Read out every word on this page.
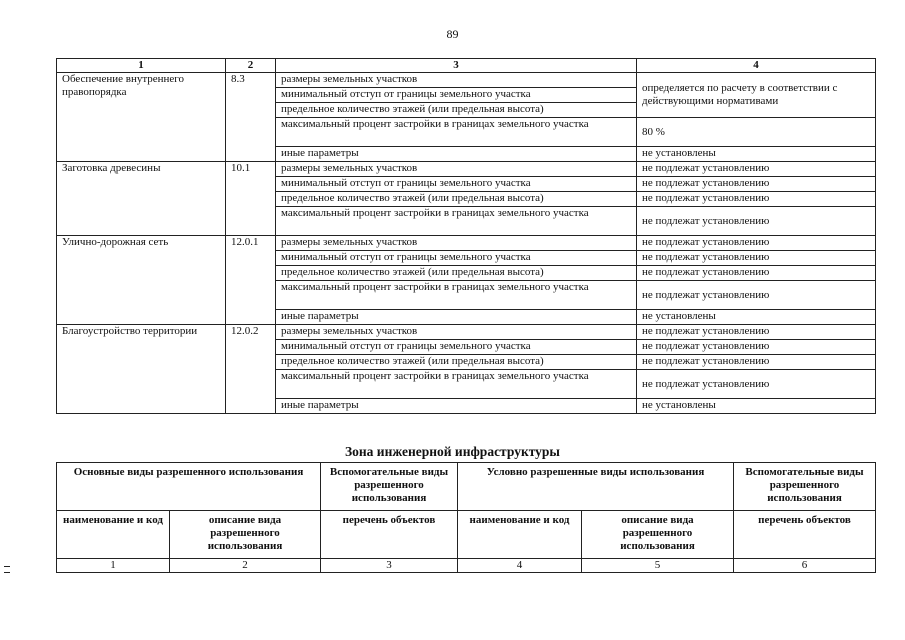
89
1	2	3	4
Обеспечение внутреннего правопорядка	8.3	размеры земельных участков	определяется по расчету в соответствии с действующими нормативами
		минимальный отступ от границы земельного участка	
		предельное количество этажей (или предельная высота)	
		максимальный процент застройки в границах земельного участка	80 %
		иные параметры	не установлены
Заготовка древесины	10.1	размеры земельных участков	не подлежат установлению
		минимальный отступ от границы земельного участка	не подлежат установлению
		предельное количество этажей (или предельная высота)	не подлежат установлению
		максимальный процент застройки в границах земельного участка	не подлежат установлению
Улично-дорожная сеть	12.0.1	размеры земельных участков	не подлежат установлению
		минимальный отступ от границы земельного участка	не подлежат установлению
		предельное количество этажей (или предельная высота)	не подлежат установлению
		максимальный процент застройки в границах земельного участка	не подлежат установлению
		иные параметры	не установлены
Благоустройство территории	12.0.2	размеры земельных участков	не подлежат установлению
		минимальный отступ от границы земельного участка	не подлежат установлению
		предельное количество этажей (или предельная высота)	не подлежат установлению
		максимальный процент застройки в границах земельного участка	не подлежат установлению
		иные параметры	не установлены
Зона инженерной инфраструктуры
Основные виды разрешенного использования		Вспомогательные виды разрешенного использования	Условно разрешенные виды использования		Вспомогательные виды разрешенного использования
наименование и код	описание вида разрешенного использования	перечень объектов	наименование и код	описание вида разрешенного использования	перечень объектов
1	2	3	4	5	6
